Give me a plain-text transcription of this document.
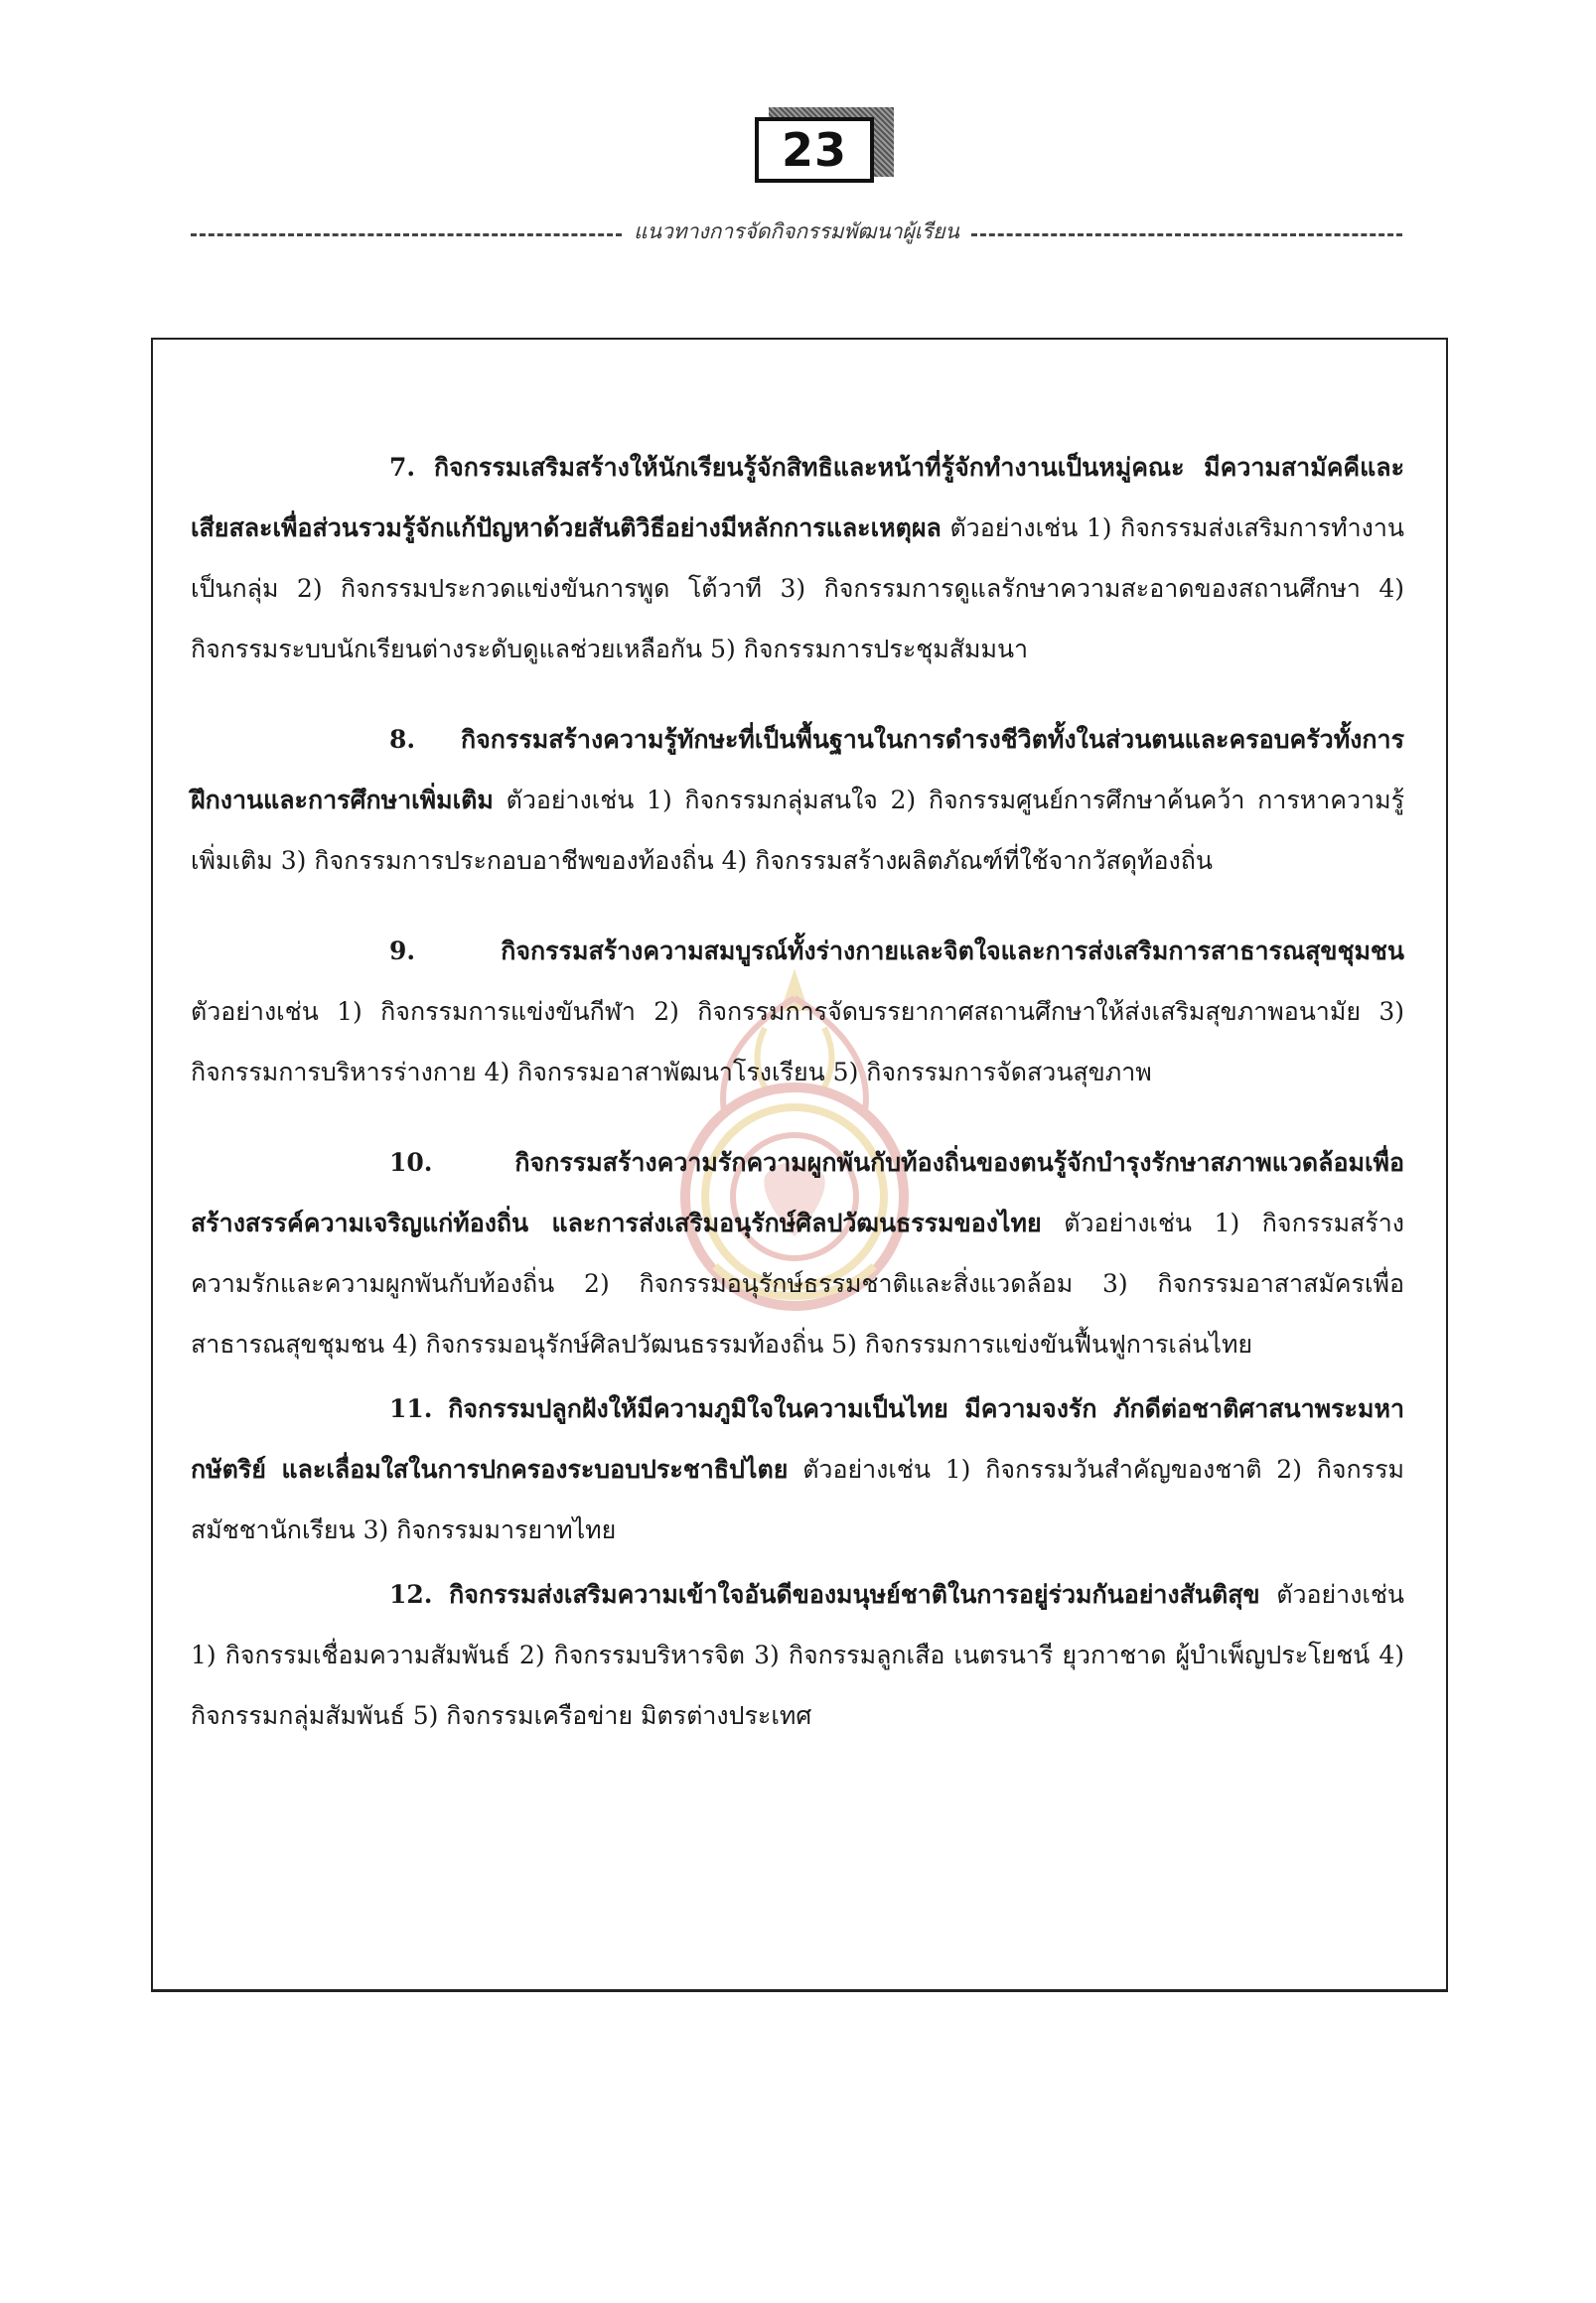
23
แนวทางการจัดกิจกรรมพัฒนาผู้เรียน

7. กิจกรรมเสริมสร้างให้นักเรียนรู้จักสิทธิและหน้าที่รู้จักทำงานเป็นหมู่คณะ มีความสามัคคีและเสียสละเพื่อส่วนรวมรู้จักแก้ปัญหาด้วยสันติวิธีอย่างมีหลักการและเหตุผล ตัวอย่างเช่น 1) กิจกรรมส่งเสริมการทำงานเป็นกลุ่ม 2) กิจกรรมประกวดแข่งขันการพูด โต้วาที 3) กิจกรรมการดูแลรักษาความสะอาดของสถานศึกษา 4) กิจกรรมระบบนักเรียนต่างระดับดูแลช่วยเหลือกัน 5) กิจกรรมการประชุมสัมมนา

8. กิจกรรมสร้างความรู้ทักษะที่เป็นพื้นฐานในการดำรงชีวิตทั้งในส่วนตนและครอบครัวทั้งการฝึกงานและการศึกษาเพิ่มเติม ตัวอย่างเช่น 1) กิจกรรมกลุ่มสนใจ 2) กิจกรรมศูนย์การศึกษาค้นคว้า การหาความรู้เพิ่มเติม 3) กิจกรรมการประกอบอาชีพของท้องถิ่น 4) กิจกรรมสร้างผลิตภัณฑ์ที่ใช้จากวัสดุท้องถิ่น

9.	กิจกรรมสร้างความสมบูรณ์ทั้งร่างกายและจิตใจและการส่งเสริมการสาธารณสุขชุมชน ตัวอย่างเช่น 1) กิจกรรมการแข่งขันกีฬา 2) กิจกรรมการจัดบรรยากาศสถานศึกษาให้ส่งเสริมสุขภาพอนามัย 3) กิจกรรมการบริหารร่างกาย 4) กิจกรรมอาสาพัฒนาโรงเรียน 5) กิจกรรมการจัดสวนสุขภาพ

10.	กิจกรรมสร้างความรักความผูกพันกับท้องถิ่นของตนรู้จักบำรุงรักษาสภาพแวดล้อมเพื่อสร้างสรรค์ความเจริญแก่ท้องถิ่น และการส่งเสริมอนุรักษ์ศิลปวัฒนธรรมของไทย ตัวอย่างเช่น 1) กิจกรรมสร้างความรักและความผูกพันกับท้องถิ่น 2) กิจกรรมอนุรักษ์ธรรมชาติและสิ่งแวดล้อม 3) กิจกรรมอาสาสมัครเพื่อสาธารณสุขชุมชน 4) กิจกรรมอนุรักษ์ศิลปวัฒนธรรมท้องถิ่น 5) กิจกรรมการแข่งขันฟื้นฟูการเล่นไทย

11. กิจกรรมปลูกฝังให้มีความภูมิใจในความเป็นไทย มีความจงรัก ภักดีต่อชาติศาสนาพระมหากษัตริย์ และเลื่อมใสในการปกครองระบอบประชาธิปไตย ตัวอย่างเช่น 1) กิจกรรมวันสำคัญของชาติ 2) กิจกรรมสมัชชานักเรียน 3) กิจกรรมมารยาทไทย

12. กิจกรรมส่งเสริมความเข้าใจอันดีของมนุษย์ชาติในการอยู่ร่วมกันอย่างสันติสุข ตัวอย่างเช่น 1) กิจกรรมเชื่อมความสัมพันธ์ 2) กิจกรรมบริหารจิต 3) กิจกรรมลูกเสือ เนตรนารี ยุวกาชาด ผู้บำเพ็ญประโยชน์ 4) กิจกรรมกลุ่มสัมพันธ์ 5) กิจกรรมเครือข่าย มิตรต่างประเทศ
